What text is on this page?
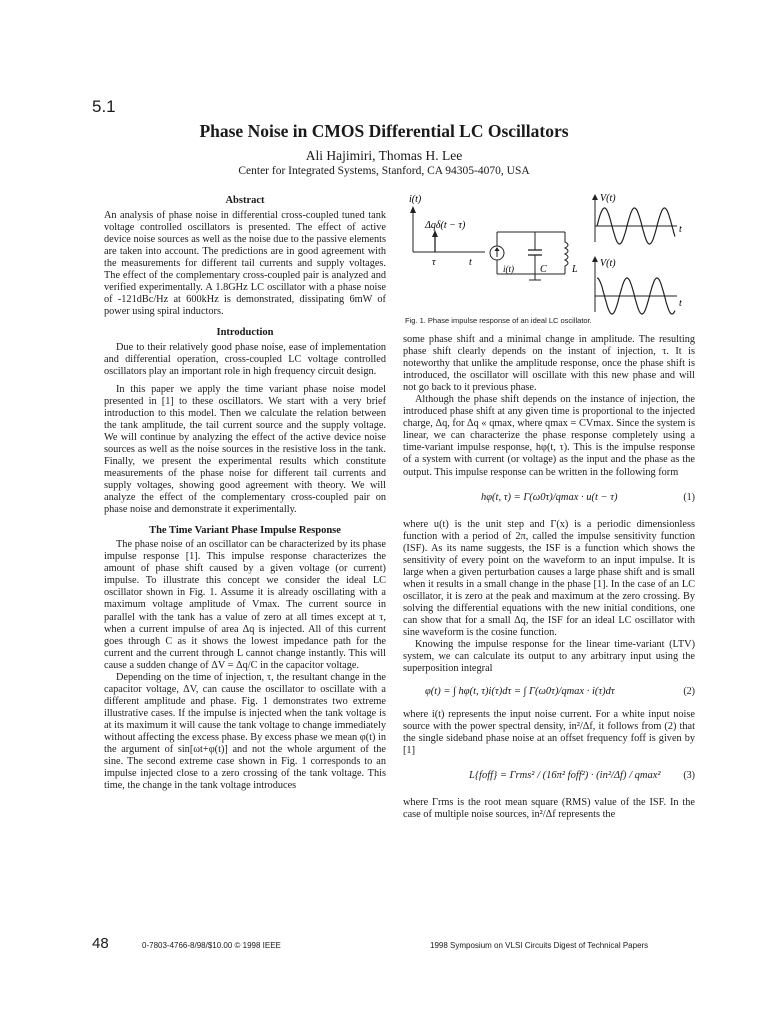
5.1
Phase Noise in CMOS Differential LC Oscillators
Ali Hajimiri, Thomas H. Lee
Center for Integrated Systems, Stanford, CA 94305-4070, USA
Abstract

An analysis of phase noise in differential cross-coupled tuned tank voltage controlled oscillators is presented. The effect of active device noise sources as well as the noise due to the passive elements are taken into account. The predictions are in good agreement with the measurements for different tail currents and supply voltages. The effect of the complementary cross-coupled pair is analyzed and verified experimentally. A 1.8GHz LC oscillator with a phase noise of -121dBc/Hz at 600kHz is demonstrated, dissipating 6mW of power using spiral inductors.

Introduction

Due to their relatively good phase noise, ease of implementation and differential operation, cross-coupled LC voltage controlled oscillators play an important role in high frequency circuit design.

In this paper we apply the time variant phase noise model presented in [1] to these oscillators. We start with a very brief introduction to this model. Then we calculate the relation between the tank amplitude, the tail current source and the supply voltage. We will continue by analyzing the effect of the active device noise sources as well as the noise sources in the resistive loss in the tank. Finally, we present the experimental results which constitute measurements of the phase noise for different tail currents and supply voltages, showing good agreement with theory. We will analyze the effect of the complementary cross-coupled pair on phase noise and demonstrate it experimentally.

The Time Variant Phase Impulse Response

The phase noise of an oscillator can be characterized by its phase impulse response [1]. This impulse response characterizes the amount of phase shift caused by a given voltage (or current) impulse. To illustrate this concept we consider the ideal LC oscillator shown in Fig. 1. Assume it is already oscillating with a maximum voltage amplitude of Vmax. The current source in parallel with the tank has a value of zero at all times except at τ, when a current impulse of area Δq is injected. All of this current goes through C as it shows the lowest impedance path for the current and the current through L cannot change instantly. This will cause a sudden change of ΔV = Δq/C in the capacitor voltage.

Depending on the time of injection, τ, the resultant change in the capacitor voltage, ΔV, can cause the oscillator to oscillate with a different amplitude and phase. Fig. 1 demonstrates two extreme illustrative cases. If the impulse is injected when the tank voltage is at its maximum it will cause the tank voltage to change immediately without affecting the excess phase. By excess phase we mean φ(t) in the argument of sin[ωt+φ(t)] and not the whole argument of the sine. The second extreme case shown in Fig. 1 corresponds to an impulse injected close to a zero crossing of the tank voltage. This time, the change in the tank voltage introduces

i(t)
Δqδ(t − τ)
τ	t
i(t)	C	L
V(t)
t
V(t)
t
Fig. 1. Phase impulse response of an ideal LC oscillator.

some phase shift and a minimal change in amplitude. The resulting phase shift clearly depends on the instant of injection, τ. It is noteworthy that unlike the amplitude response, once the phase shift is introduced, the oscillator will oscillate with this new phase and will not go back to it previous phase.

Although the phase shift depends on the instance of injection, the introduced phase shift at any given time is proportional to the injected charge, Δq, for Δq « qmax, where qmax = CVmax. Since the system is linear, we can characterize the phase response completely using a time-variant impulse response, hφ(t, τ). This is the impulse response of a system with current (or voltage) as the input and the phase as the output. This impulse response can be written in the following form

hφ(t, τ) = Γ(ω0τ)/qmax · u(t − τ)	(1)

where u(t) is the unit step and Γ(x) is a periodic dimensionless function with a period of 2π, called the impulse sensitivity function (ISF). As its name suggests, the ISF is a function which shows the sensitivity of every point on the waveform to an input impulse. It is large when a given perturbation causes a large phase shift and is small when it results in a small change in the phase [1]. In the case of an LC oscillator, it is zero at the peak and maximum at the zero crossing. By solving the differential equations with the new initial conditions, one can show that for a small Δq, the ISF for an ideal LC oscillator with sine waveform is the cosine function.

Knowing the impulse response for the linear time-variant (LTV) system, we can calculate its output to any arbitrary input using the superposition integral

φ(t) = ∫ hφ(t, τ)i(τ)dτ = ∫ Γ(ω0τ)/qmax · i(τ)dτ	(2)

where i(t) represents the input noise current. For a white input noise source with the power spectral density, in²/Δf, it follows from (2) that the single sideband phase noise at an offset frequency foff is given by [1]

L{foff} = Γrms² / (16π² foff²) · (in²/Δf) / qmax² (3)

where Γrms is the root mean square (RMS) value of the ISF. In the case of multiple noise sources, in²/Δf represents the

48	0-7803-4766-8/98/$10.00 © 1998 IEEE	1998 Symposium on VLSI Circuits Digest of Technical Papers
